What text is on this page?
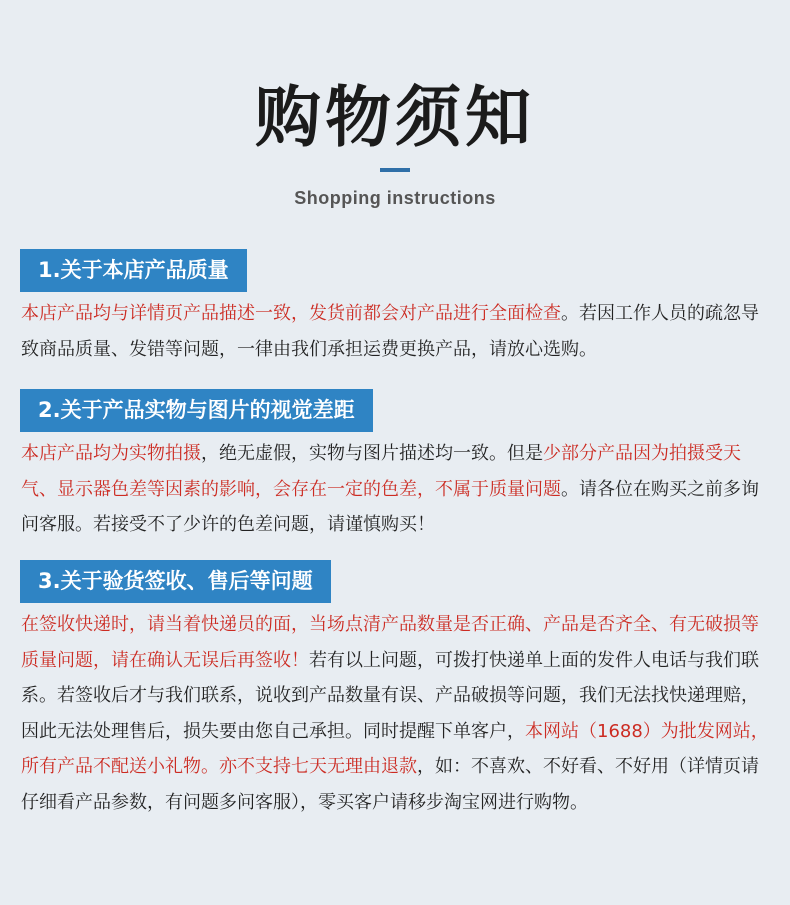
购物须知
Shopping instructions
1.关于本店产品质量
本店产品均与详情页产品描述一致，发货前都会对产品进行全面检查。若因工作人员的疏忽导致商品质量、发错等问题，一律由我们承担运费更换产品，请放心选购。
2.关于产品实物与图片的视觉差距
本店产品均为实物拍摄，绝无虚假，实物与图片描述均一致。但是少部分产品因为拍摄受天气、显示器色差等因素的影响，会存在一定的色差，不属于质量问题。请各位在购买之前多询问客服。若接受不了少许的色差问题，请谨慎购买！
3.关于验货签收、售后等问题
在签收快递时，请当着快递员的面，当场点清产品数量是否正确、产品是否齐全、有无破损等质量问题，请在确认无误后再签收！若有以上问题，可拨打快递单上面的发件人电话与我们联系。若签收后才与我们联系，说收到产品数量有误、产品破损等问题，我们无法找快递理赔，因此无法处理售后，损失要由您自己承担。同时提醒下单客户，本网站（1688）为批发网站，所有产品不配送小礼物。亦不支持七天无理由退款，如：不喜欢、不好看、不好用（详情页请仔细看产品参数，有问题多问客服），零买客户请移步淘宝网进行购物。
